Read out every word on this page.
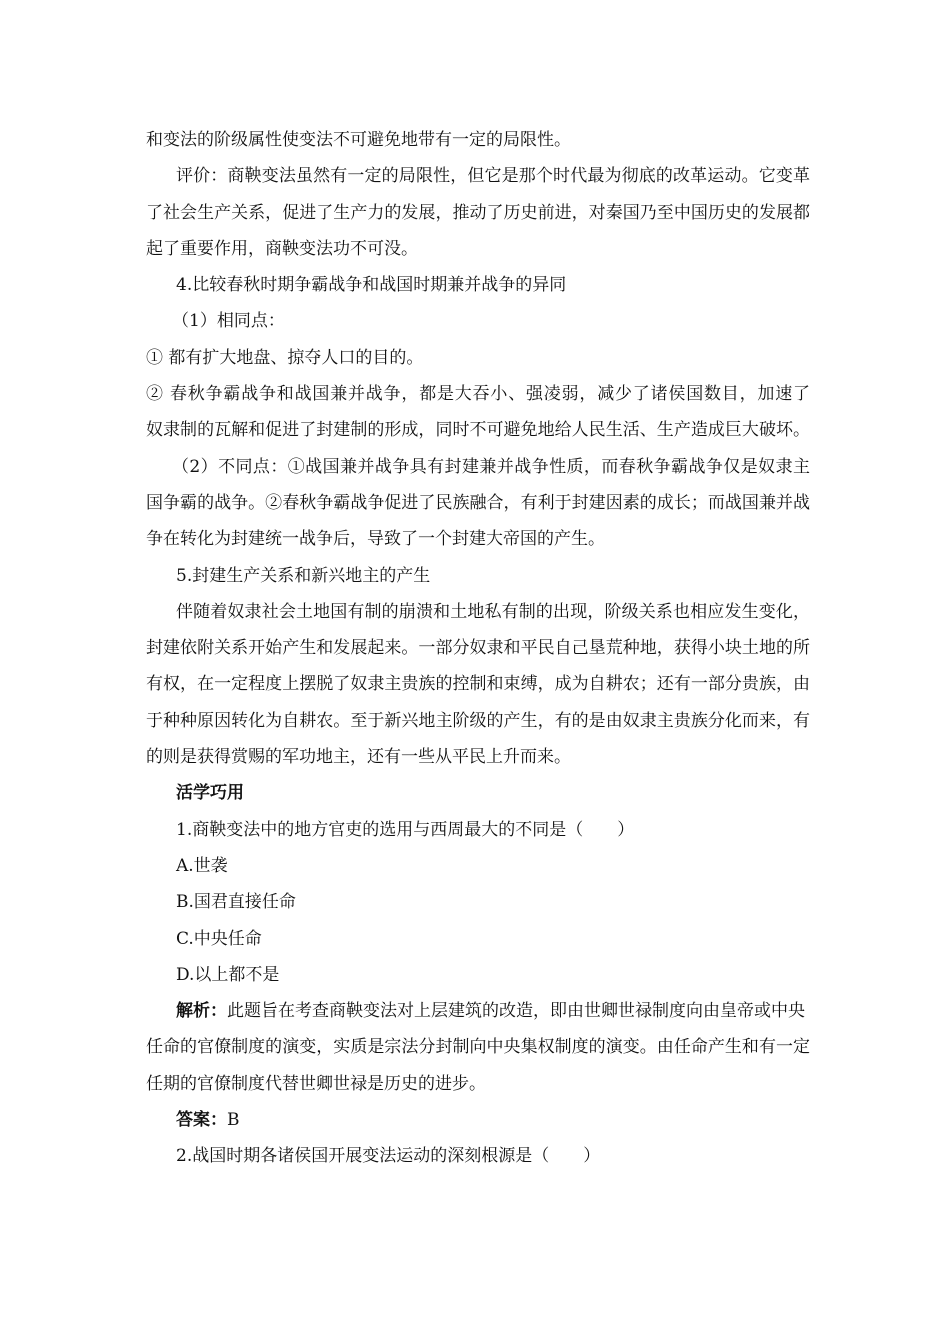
和变法的阶级属性使变法不可避免地带有一定的局限性。

评价：商鞅变法虽然有一定的局限性，但它是那个时代最为彻底的改革运动。它变革

了社会生产关系，促进了生产力的发展，推动了历史前进，对秦国乃至中国历史的发展都

起了重要作用，商鞅变法功不可没。

4.比较春秋时期争霸战争和战国时期兼并战争的异同

（1）相同点：

① 都有扩大地盘、掠夺人口的目的。

② 春秋争霸战争和战国兼并战争，都是大吞小、强凌弱，减少了诸侯国数目，加速了

奴隶制的瓦解和促进了封建制的形成，同时不可避免地给人民生活、生产造成巨大破坏。

（2）不同点：①战国兼并战争具有封建兼并战争性质，而春秋争霸战争仅是奴隶主

国争霸的战争。②春秋争霸战争促进了民族融合，有利于封建因素的成长；而战国兼并战

争在转化为封建统一战争后，导致了一个封建大帝国的产生。

5.封建生产关系和新兴地主的产生

伴随着奴隶社会土地国有制的崩溃和土地私有制的出现，阶级关系也相应发生变化，

封建依附关系开始产生和发展起来。一部分奴隶和平民自己垦荒种地，获得小块土地的所

有权，在一定程度上摆脱了奴隶主贵族的控制和束缚，成为自耕农；还有一部分贵族，由

于种种原因转化为自耕农。至于新兴地主阶级的产生，有的是由奴隶主贵族分化而来，有

的则是获得赏赐的军功地主，还有一些从平民上升而来。

活学巧用

1.商鞅变法中的地方官吏的选用与西周最大的不同是（　　）

A.世袭

B.国君直接任命

C.中央任命

D.以上都不是

解析：此题旨在考查商鞅变法对上层建筑的改造，即由世卿世禄制度向由皇帝或中央

任命的官僚制度的演变，实质是宗法分封制向中央集权制度的演变。由任命产生和有一定

任期的官僚制度代替世卿世禄是历史的进步。

答案：B

2.战国时期各诸侯国开展变法运动的深刻根源是（　　）
